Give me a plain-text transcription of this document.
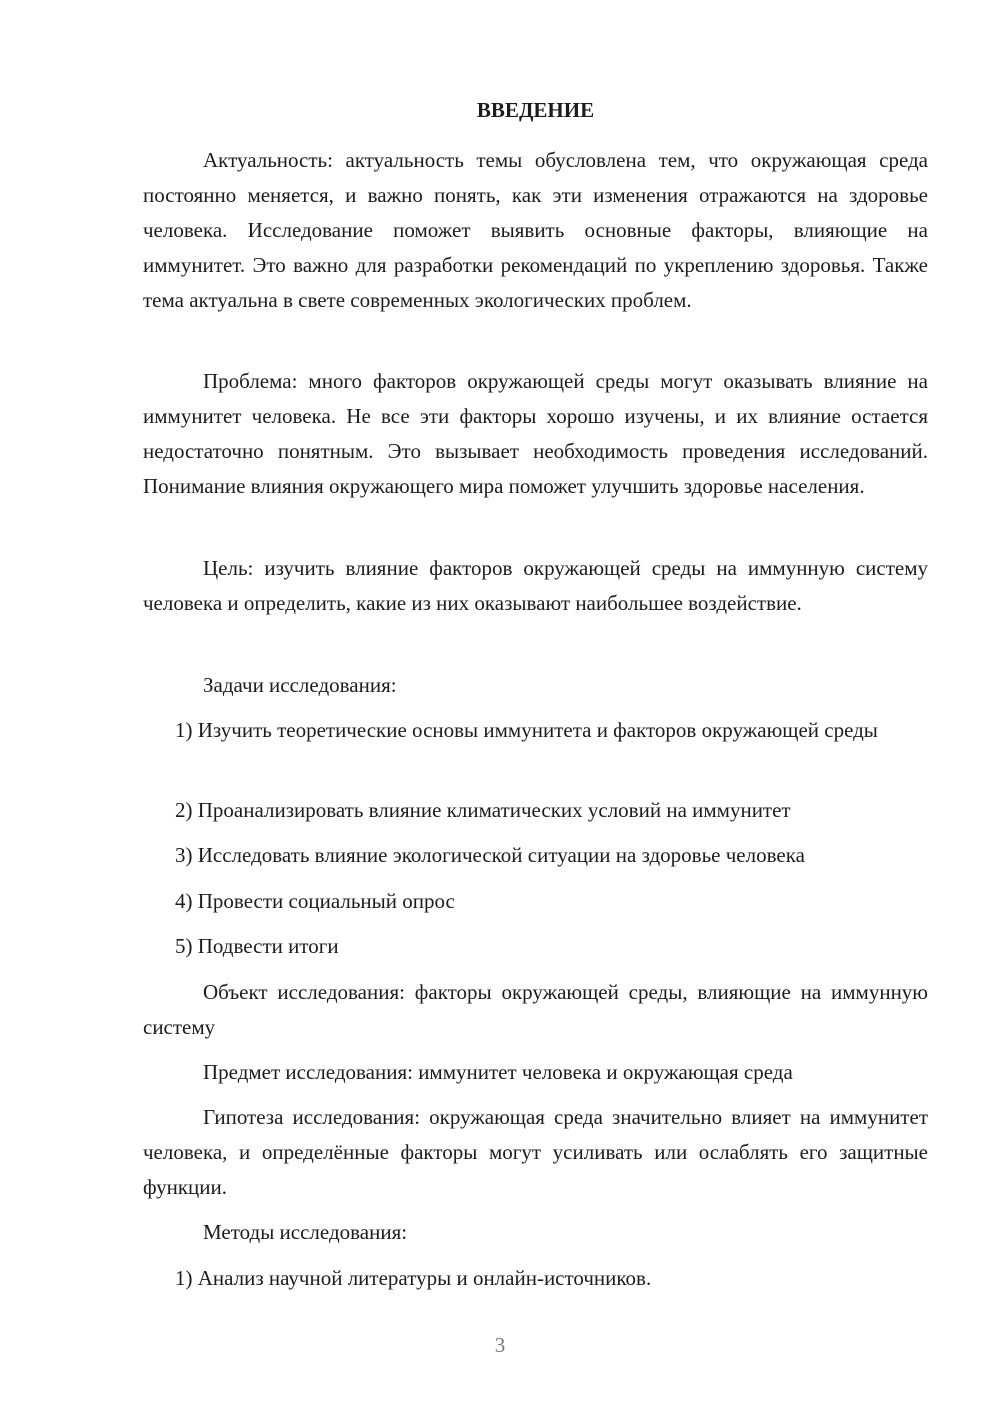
ВВЕДЕНИЕ

Актуальность: актуальность темы обусловлена тем, что окружающая среда постоянно меняется, и важно понять, как эти изменения отражаются на здоровье человека. Исследование поможет выявить основные факторы, влияющие на иммунитет. Это важно для разработки рекомендаций по укреплению здоровья. Также тема актуальна в свете современных экологических проблем.

Проблема: много факторов окружающей среды могут оказывать влияние на иммунитет человека. Не все эти факторы хорошо изучены, и их влияние остается недостаточно понятным. Это вызывает необходимость проведения исследований. Понимание влияния окружающего мира поможет улучшить здоровье населения.

Цель: изучить влияние факторов окружающей среды на иммунную систему человека и определить, какие из них оказывают наибольшее воздействие.

Задачи исследования:

1) Изучить теоретические основы иммунитета и факторов окружающей среды

2) Проанализировать влияние климатических условий на иммунитет

3) Исследовать влияние экологической ситуации на здоровье человека

4) Провести социальный опрос

5) Подвести итоги

Объект исследования: факторы окружающей среды, влияющие на иммунную систему

Предмет исследования: иммунитет человека и окружающая среда

Гипотеза исследования: окружающая среда значительно влияет на иммунитет человека, и определённые факторы могут усиливать или ослаблять его защитные функции.

Методы исследования:

1) Анализ научной литературы и онлайн-источников.

3
